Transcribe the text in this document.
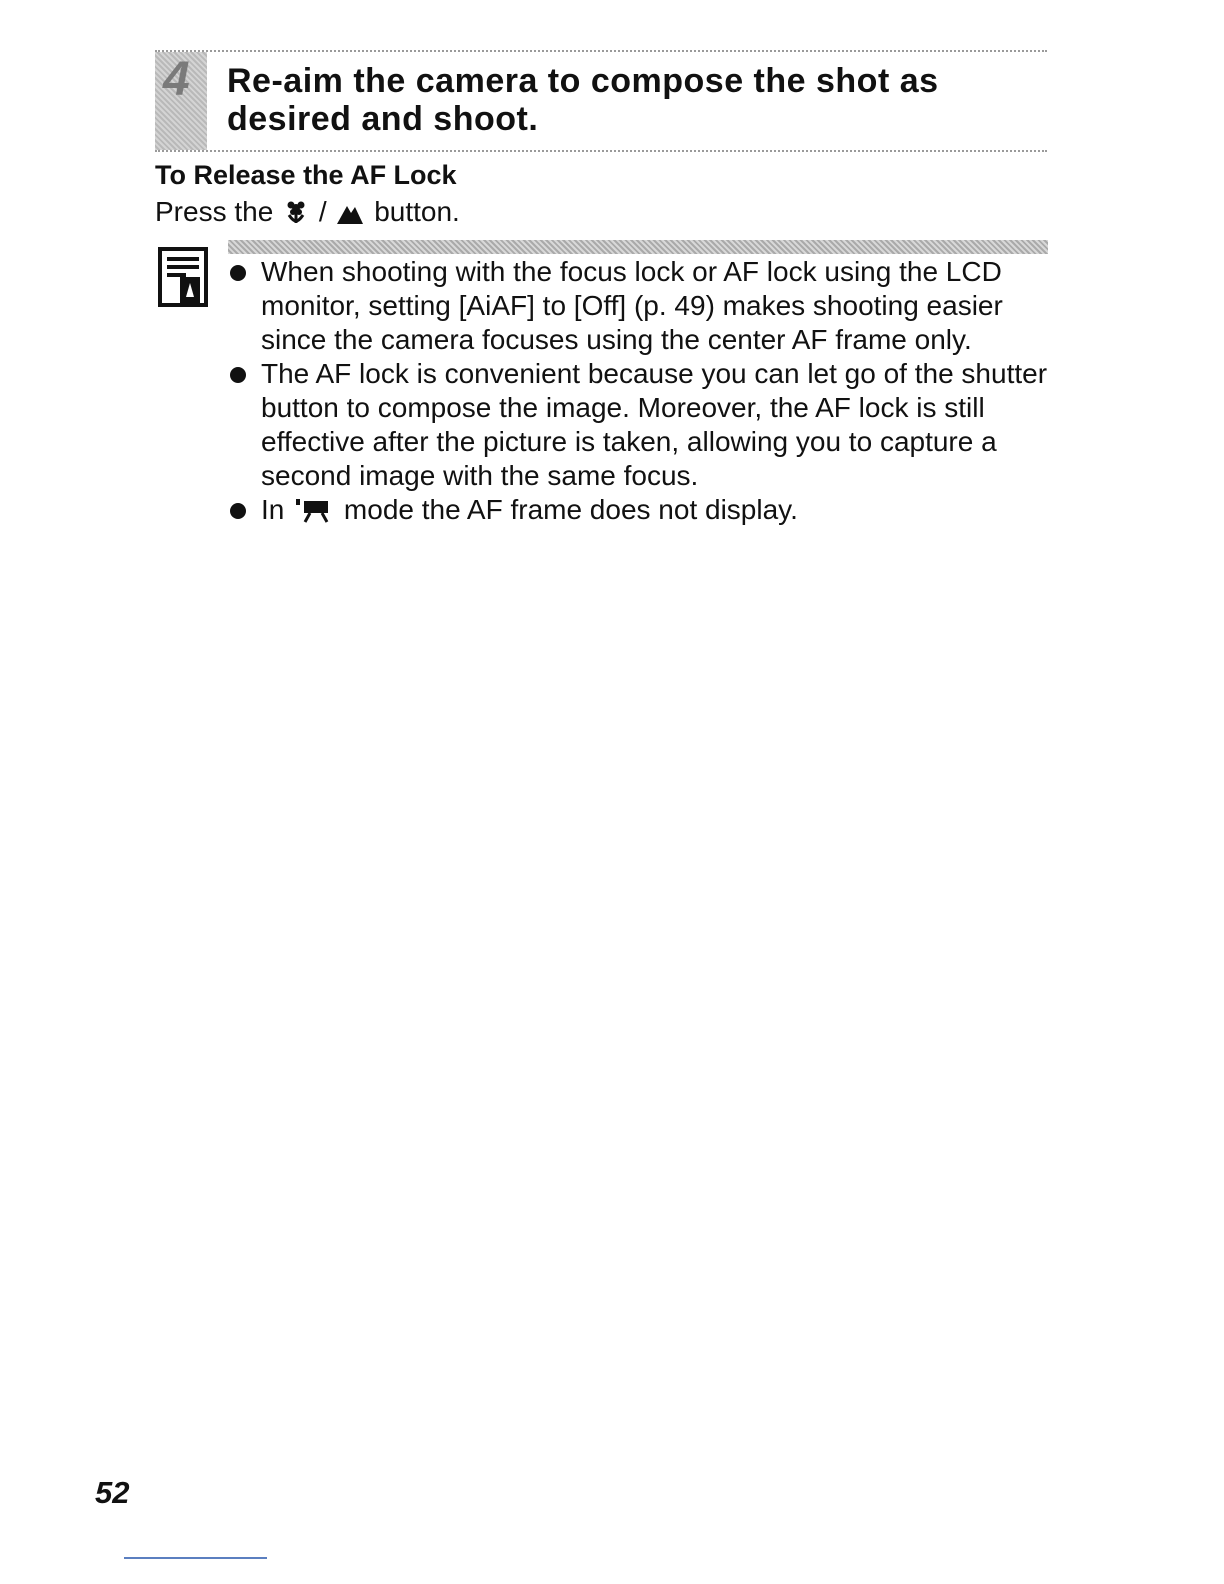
4 Re-aim the camera to compose the shot as desired and shoot.
To Release the AF Lock
Press the / button.
When shooting with the focus lock or AF lock using the LCD monitor, setting [AiAF] to [Off] (p. 49) makes shooting easier since the camera focuses using the center AF frame only.
The AF lock is convenient because you can let go of the shutter button to compose the image. Moreover, the AF lock is still effective after the picture is taken, allowing you to capture a second image with the same focus.
In mode the AF frame does not display.
52
